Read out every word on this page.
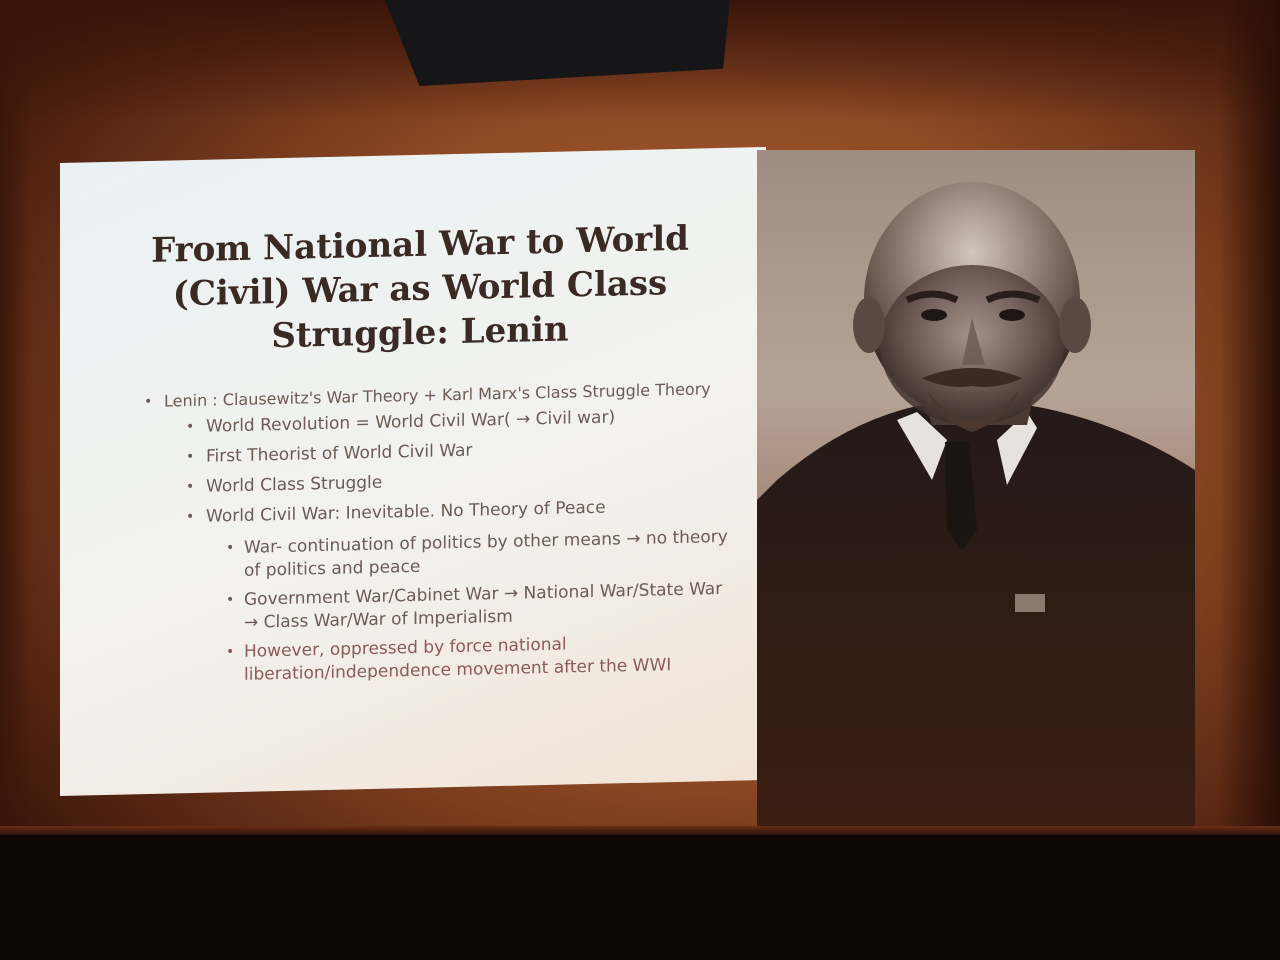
From National War to World
(Civil) War as World Class
Struggle: Lenin
• Lenin : Clausewitz's War Theory + Karl Marx's Class Struggle Theory
• World Revolution = World Civil War( → Civil war)
• First Theorist of World Civil War
• World Class Struggle
• World Civil War: Inevitable. No Theory of Peace
• War- continuation of politics by other means → no theory of politics and peace
• Government War/Cabinet War → National War/State War → Class War/War of Imperialism
• However, oppressed by force national liberation/independence movement after the WWI
